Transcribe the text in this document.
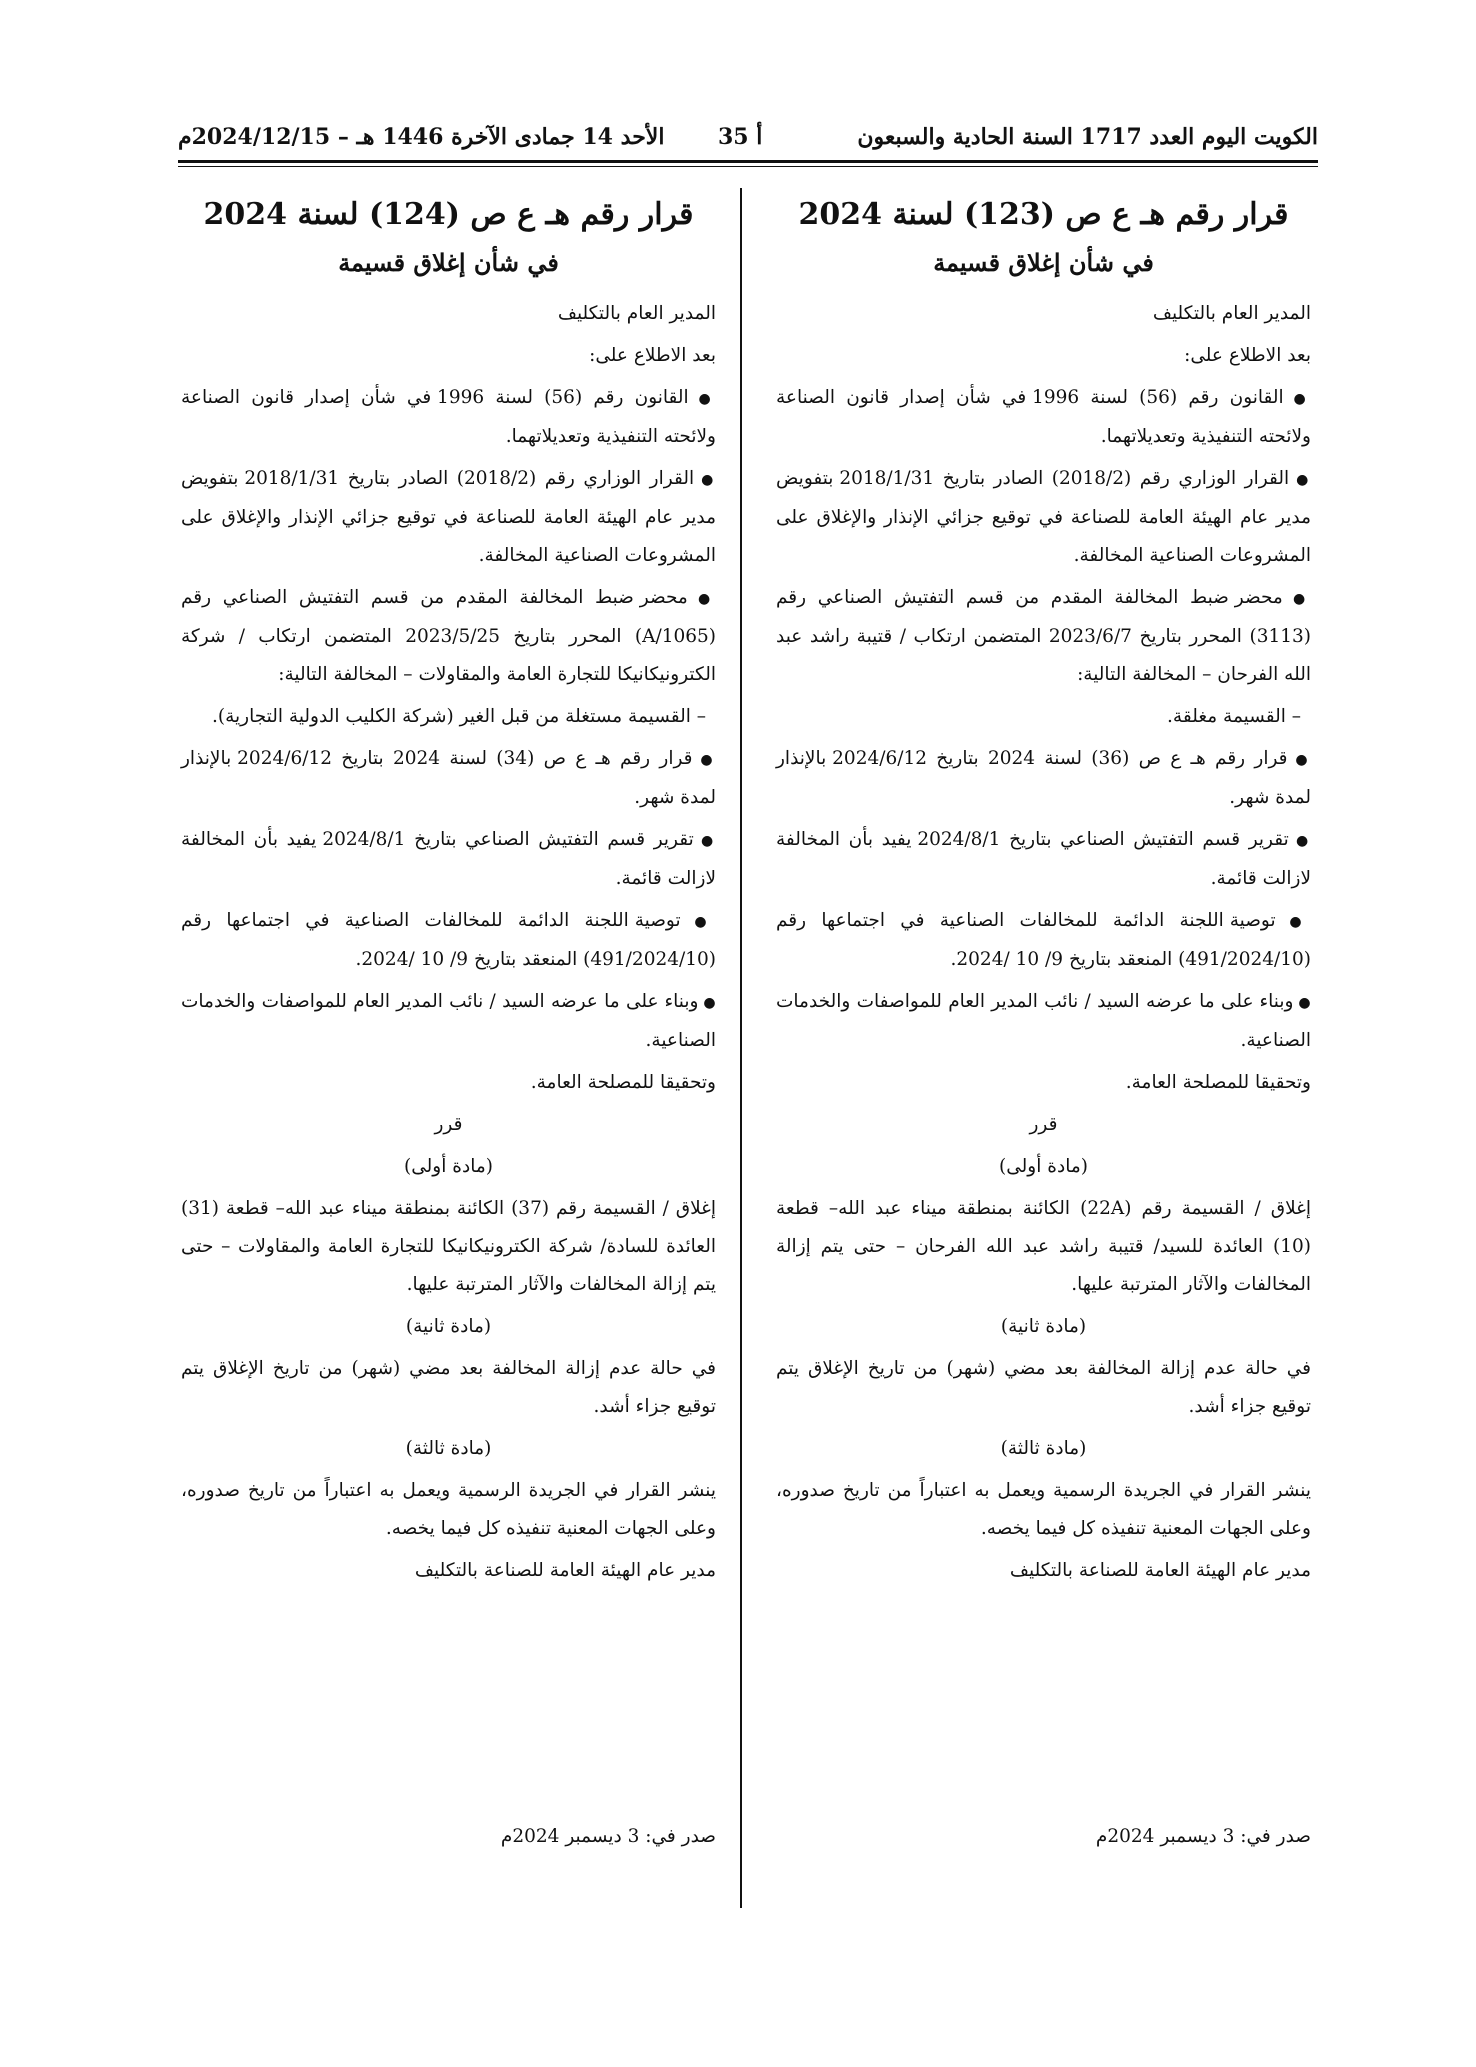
الكويت اليوم العدد 1717 السنة الحادية والسبعون
أ 35
الأحد 14 جمادى الآخرة 1446 هـ – 2024/12/15م
قرار رقم هـ ع ص (123) لسنة 2024
في شأن إغلاق قسيمة
المدير العام بالتكليف
بعد الاطلاع على:
● القانون رقم (56) لسنة 1996 في شأن إصدار قانون الصناعة ولائحته التنفيذية وتعديلاتهما.
● القرار الوزاري رقم (2018/2) الصادر بتاريخ 2018/1/31 بتفويض مدير عام الهيئة العامة للصناعة في توقيع جزائي الإنذار والإغلاق على المشروعات الصناعية المخالفة.
● محضر ضبط المخالفة المقدم من قسم التفتيش الصناعي رقم (3113) المحرر بتاريخ 2023/6/7 المتضمن ارتكاب / قتيبة راشد عبد الله الفرحان – المخالفة التالية:
– القسيمة مغلقة.
● قرار رقم هـ ع ص (36) لسنة 2024 بتاريخ 2024/6/12 بالإنذار لمدة شهر.
● تقرير قسم التفتيش الصناعي بتاريخ 2024/8/1 يفيد بأن المخالفة لازالت قائمة.
● توصية اللجنة الدائمة للمخالفات الصناعية في اجتماعها رقم (491/2024/10) المنعقد بتاريخ 9/ 10 /2024.
● وبناء على ما عرضه السيد / نائب المدير العام للمواصفات والخدمات الصناعية.
وتحقيقا للمصلحة العامة.
قرر
(مادة أولى)
إغلاق / القسيمة رقم (22A) الكائنة بمنطقة ميناء عبد الله– قطعة (10) العائدة للسيد/ قتيبة راشد عبد الله الفرحان – حتى يتم إزالة المخالفات والآثار المترتبة عليها.
(مادة ثانية)
في حالة عدم إزالة المخالفة بعد مضي (شهر) من تاريخ الإغلاق يتم توقيع جزاء أشد.
(مادة ثالثة)
ينشر القرار في الجريدة الرسمية ويعمل به اعتباراً من تاريخ صدوره، وعلى الجهات المعنية تنفيذه كل فيما يخصه.
مدير عام الهيئة العامة للصناعة بالتكليف
صدر في: 3 ديسمبر 2024م
قرار رقم هـ ع ص (124) لسنة 2024
في شأن إغلاق قسيمة
المدير العام بالتكليف
بعد الاطلاع على:
● القانون رقم (56) لسنة 1996 في شأن إصدار قانون الصناعة ولائحته التنفيذية وتعديلاتهما.
● القرار الوزاري رقم (2018/2) الصادر بتاريخ 2018/1/31 بتفويض مدير عام الهيئة العامة للصناعة في توقيع جزائي الإنذار والإغلاق على المشروعات الصناعية المخالفة.
● محضر ضبط المخالفة المقدم من قسم التفتيش الصناعي رقم (1065/A) المحرر بتاريخ 2023/5/25 المتضمن ارتكاب / شركة الكترونيكانيكا للتجارة العامة والمقاولات – المخالفة التالية:
– القسيمة مستغلة من قبل الغير (شركة الكليب الدولية التجارية).
● قرار رقم هـ ع ص (34) لسنة 2024 بتاريخ 2024/6/12 بالإنذار لمدة شهر.
● تقرير قسم التفتيش الصناعي بتاريخ 2024/8/1 يفيد بأن المخالفة لازالت قائمة.
● توصية اللجنة الدائمة للمخالفات الصناعية في اجتماعها رقم (491/2024/10) المنعقد بتاريخ 9/ 10 /2024.
● وبناء على ما عرضه السيد / نائب المدير العام للمواصفات والخدمات الصناعية.
وتحقيقا للمصلحة العامة.
قرر
(مادة أولى)
إغلاق / القسيمة رقم (37) الكائنة بمنطقة ميناء عبد الله– قطعة (31) العائدة للسادة/ شركة الكترونيكانيكا للتجارة العامة والمقاولات – حتى يتم إزالة المخالفات والآثار المترتبة عليها.
(مادة ثانية)
في حالة عدم إزالة المخالفة بعد مضي (شهر) من تاريخ الإغلاق يتم توقيع جزاء أشد.
(مادة ثالثة)
ينشر القرار في الجريدة الرسمية ويعمل به اعتباراً من تاريخ صدوره، وعلى الجهات المعنية تنفيذه كل فيما يخصه.
مدير عام الهيئة العامة للصناعة بالتكليف
صدر في: 3 ديسمبر 2024م
